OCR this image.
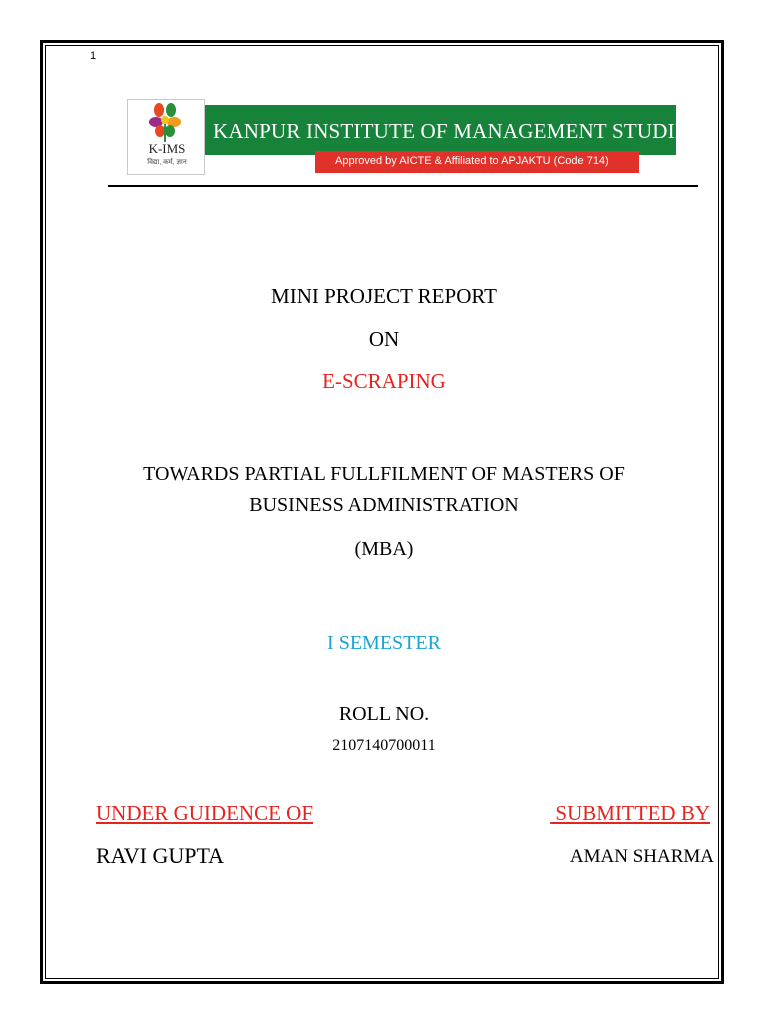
1
K-IMS
विद्या, कर्म, ज्ञान
KANPUR INSTITUTE OF MANAGEMENT STUDIES
Approved by AICTE & Affiliated to APJAKTU (Code 714)
MINI PROJECT REPORT
ON
E-SCRAPING
TOWARDS PARTIAL FULLFILMENT OF MASTERS OF
BUSINESS ADMINISTRATION
(MBA)
I SEMESTER
ROLL NO.
2107140700011
UNDER GUIDENCE OF	SUBMITTED BY
RAVI GUPTA	AMAN SHARMA
